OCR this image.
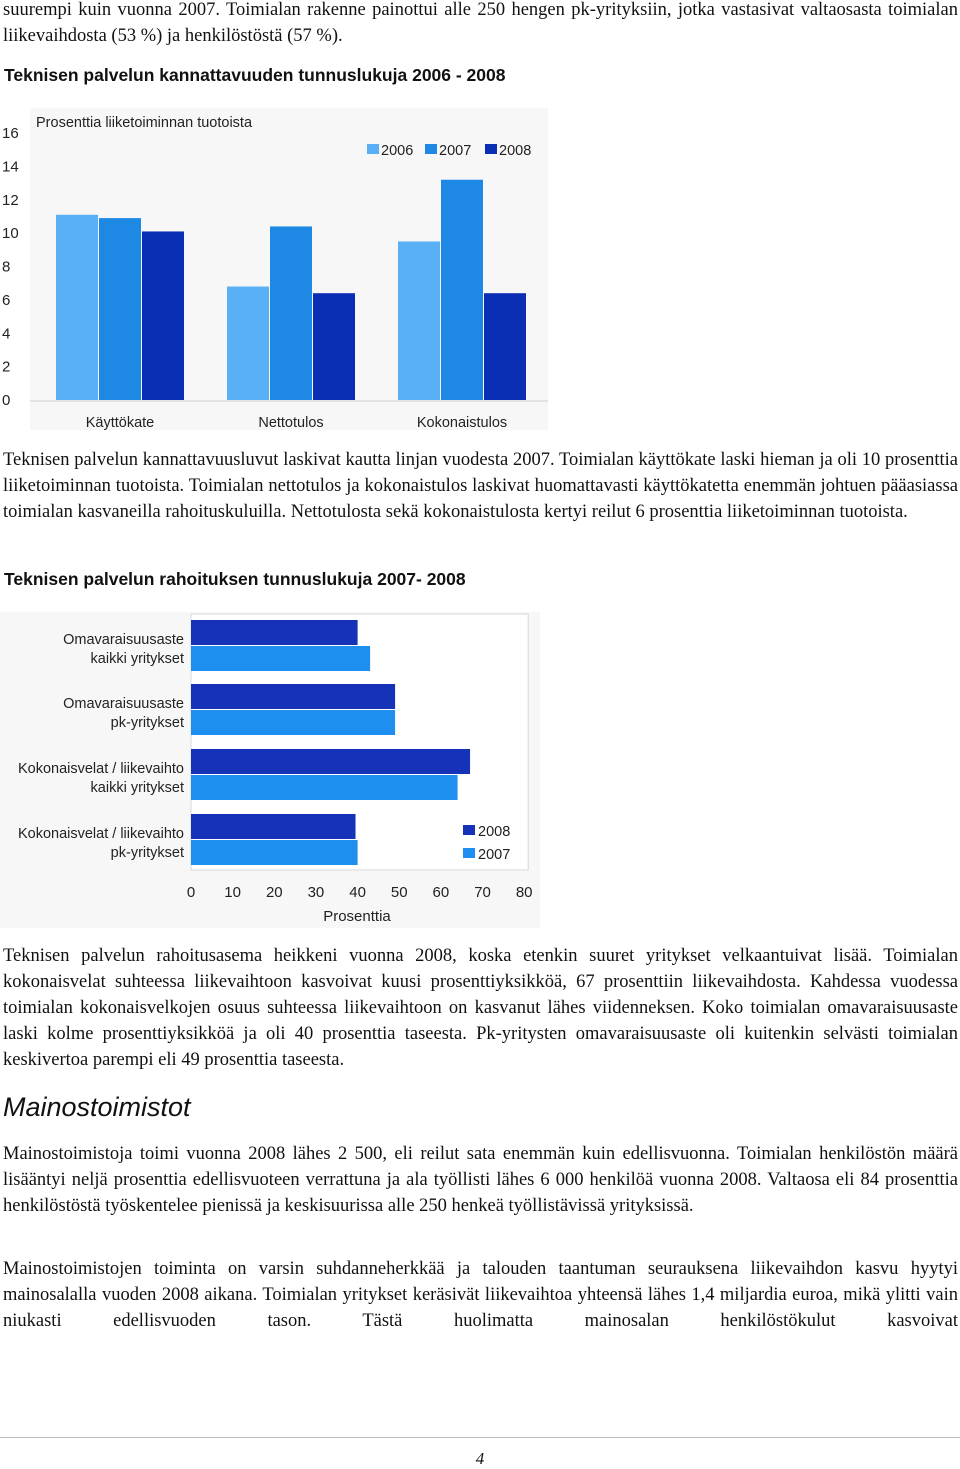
suurempi kuin vuonna 2007. Toimialan rakenne painottui alle 250 hengen pk-yrityksiin, jotka vastasivat valtaosasta toimialan liikevaihdosta (53 %) ja henkilöstöstä (57 %).

Teknisen palvelun kannattavuuden tunnuslukuja 2006 - 2008

Prosenttia liiketoiminnan tuotoista
0
2
4
6
8
10
12
14
16
Käyttökate	Nettotulos	Kokonaistulos
2006 2007 2008

Teknisen palvelun kannattavuusluvut laskivat kautta linjan vuodesta 2007. Toimialan käyttökate laski hieman ja oli 10 prosenttia liiketoiminnan tuotoista. Toimialan nettotulos ja kokonaistulos laskivat huomattavasti käyttökatetta enemmän johtuen pääasiassa toimialan kasvaneilla rahoituskuluilla. Nettotulosta sekä kokonaistulosta kertyi reilut 6 prosenttia liiketoiminnan tuotoista.

Teknisen palvelun rahoituksen tunnuslukuja 2007- 2008

Omavaraisuusaste
kaikki yritykset
Omavaraisuusaste
pk-yritykset
Kokonaisvelat / liikevaihto
kaikki yritykset
Kokonaisvelat / liikevaihto
pk-yritykset
0 10 20 30 40 50 60 70 80
Prosenttia
2008
2007

Teknisen palvelun rahoitusasema heikkeni vuonna 2008, koska etenkin suuret yritykset velkaantuivat lisää. Toimialan kokonaisvelat suhteessa liikevaihtoon kasvoivat kuusi prosenttiyksikköä, 67 prosenttiin liikevaihdosta. Kahdessa vuodessa toimialan kokonaisvelkojen osuus suhteessa liikevaihtoon on kasvanut lähes viidenneksen. Koko toimialan omavaraisuusaste laski kolme prosenttiyksikköä ja oli 40 prosenttia taseesta. Pk-yritysten omavaraisuusaste oli kuitenkin selvästi toimialan keskivertoa parempi eli 49 prosenttia taseesta.

Mainostoimistot

Mainostoimistoja toimi vuonna 2008 lähes 2 500, eli reilut sata enemmän kuin edellisvuonna. Toimialan henkilöstön määrä lisääntyi neljä prosenttia edellisvuoteen verrattuna ja ala työllisti lähes 6 000 henkilöä vuonna 2008. Valtaosa eli 84 prosenttia henkilöstöstä työskentelee pienissä ja keskisuurissa alle 250 henkeä työllistävissä yrityksissä.

Mainostoimistojen toiminta on varsin suhdanneherkkää ja talouden taantuman seurauksena liikevaihdon kasvu hyytyi mainosalalla vuoden 2008 aikana. Toimialan yritykset keräsivät liikevaihtoa yhteensä lähes 1,4 miljardia euroa, mikä ylitti vain niukasti edellisvuoden tason. Tästä huolimatta mainosalan henkilöstökulut kasvoivat

4
